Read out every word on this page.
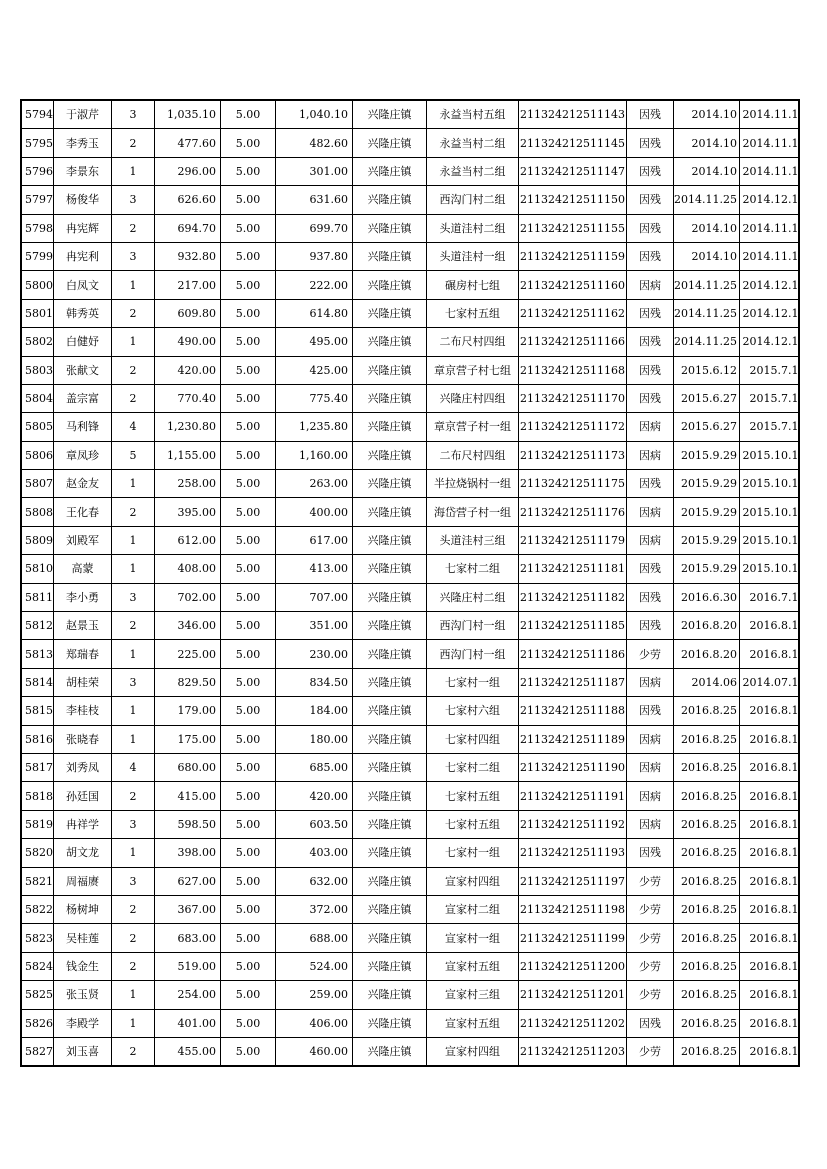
5794	于淑芹	3	1,035.10	5.00	1,040.10	兴隆庄镇	永益当村五组	211324212511143	因残	2014.10	2014.11.1
5795	李秀玉	2	477.60	5.00	482.60	兴隆庄镇	永益当村二组	211324212511145	因残	2014.10	2014.11.1
5796	李景东	1	296.00	5.00	301.00	兴隆庄镇	永益当村二组	211324212511147	因残	2014.10	2014.11.1
5797	杨俊华	3	626.60	5.00	631.60	兴隆庄镇	西沟门村二组	211324212511150	因残	2014.11.25	2014.12.1
5798	冉宪辉	2	694.70	5.00	699.70	兴隆庄镇	头道洼村二组	211324212511155	因残	2014.10	2014.11.1
5799	冉宪利	3	932.80	5.00	937.80	兴隆庄镇	头道洼村一组	211324212511159	因残	2014.10	2014.11.1
5800	白凤文	1	217.00	5.00	222.00	兴隆庄镇	碾房村七组	211324212511160	因病	2014.11.25	2014.12.1
5801	韩秀英	2	609.80	5.00	614.80	兴隆庄镇	七家村五组	211324212511162	因残	2014.11.25	2014.12.1
5802	白健妤	1	490.00	5.00	495.00	兴隆庄镇	二布尺村四组	211324212511166	因残	2014.11.25	2014.12.1
5803	张献文	2	420.00	5.00	425.00	兴隆庄镇	章京营子村七组	211324212511168	因残	2015.6.12	2015.7.1
5804	盖宗富	2	770.40	5.00	775.40	兴隆庄镇	兴隆庄村四组	211324212511170	因残	2015.6.27	2015.7.1
5805	马利锋	4	1,230.80	5.00	1,235.80	兴隆庄镇	章京营子村一组	211324212511172	因病	2015.6.27	2015.7.1
5806	章凤珍	5	1,155.00	5.00	1,160.00	兴隆庄镇	二布尺村四组	211324212511173	因病	2015.9.29	2015.10.1
5807	赵金友	1	258.00	5.00	263.00	兴隆庄镇	半拉烧锅村一组	211324212511175	因残	2015.9.29	2015.10.1
5808	王化春	2	395.00	5.00	400.00	兴隆庄镇	海岱营子村一组	211324212511176	因病	2015.9.29	2015.10.1
5809	刘殿军	1	612.00	5.00	617.00	兴隆庄镇	头道洼村三组	211324212511179	因病	2015.9.29	2015.10.1
5810	高蒙	1	408.00	5.00	413.00	兴隆庄镇	七家村二组	211324212511181	因残	2015.9.29	2015.10.1
5811	李小勇	3	702.00	5.00	707.00	兴隆庄镇	兴隆庄村二组	211324212511182	因残	2016.6.30	2016.7.1
5812	赵景玉	2	346.00	5.00	351.00	兴隆庄镇	西沟门村一组	211324212511185	因残	2016.8.20	2016.8.1
5813	郑瑞春	1	225.00	5.00	230.00	兴隆庄镇	西沟门村一组	211324212511186	少劳	2016.8.20	2016.8.1
5814	胡桂荣	3	829.50	5.00	834.50	兴隆庄镇	七家村一组	211324212511187	因病	2014.06	2014.07.1
5815	李桂枝	1	179.00	5.00	184.00	兴隆庄镇	七家村六组	211324212511188	因残	2016.8.25	2016.8.1
5816	张晓春	1	175.00	5.00	180.00	兴隆庄镇	七家村四组	211324212511189	因病	2016.8.25	2016.8.1
5817	刘秀凤	4	680.00	5.00	685.00	兴隆庄镇	七家村二组	211324212511190	因病	2016.8.25	2016.8.1
5818	孙廷国	2	415.00	5.00	420.00	兴隆庄镇	七家村五组	211324212511191	因病	2016.8.25	2016.8.1
5819	冉祥学	3	598.50	5.00	603.50	兴隆庄镇	七家村五组	211324212511192	因病	2016.8.25	2016.8.1
5820	胡文龙	1	398.00	5.00	403.00	兴隆庄镇	七家村一组	211324212511193	因残	2016.8.25	2016.8.1
5821	周福赓	3	627.00	5.00	632.00	兴隆庄镇	宣家村四组	211324212511197	少劳	2016.8.25	2016.8.1
5822	杨树坤	2	367.00	5.00	372.00	兴隆庄镇	宣家村二组	211324212511198	少劳	2016.8.25	2016.8.1
5823	吴桂莲	2	683.00	5.00	688.00	兴隆庄镇	宣家村一组	211324212511199	少劳	2016.8.25	2016.8.1
5824	钱金生	2	519.00	5.00	524.00	兴隆庄镇	宣家村五组	211324212511200	少劳	2016.8.25	2016.8.1
5825	张玉贤	1	254.00	5.00	259.00	兴隆庄镇	宣家村三组	211324212511201	少劳	2016.8.25	2016.8.1
5826	李殿学	1	401.00	5.00	406.00	兴隆庄镇	宣家村五组	211324212511202	因残	2016.8.25	2016.8.1
5827	刘玉喜	2	455.00	5.00	460.00	兴隆庄镇	宣家村四组	211324212511203	少劳	2016.8.25	2016.8.1
